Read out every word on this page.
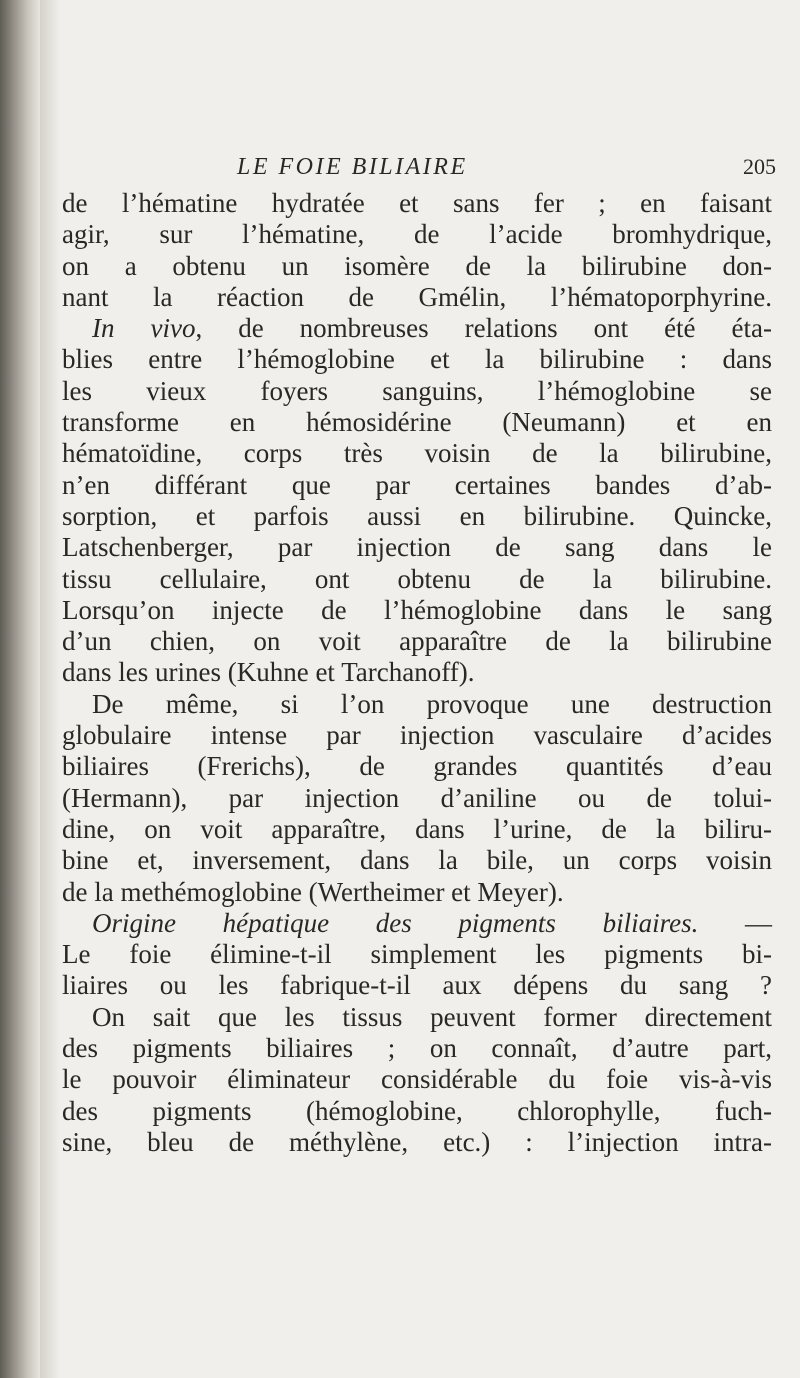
LE FOIE BILIAIRE	205
de l’hématine hydratée et sans fer ; en faisant
agir, sur l’hématine, de l’acide bromhydrique,
on a obtenu un isomère de la bilirubine don-
nant la réaction de Gmélin, l’hématoporphyrine.
In vivo, de nombreuses relations ont été éta-
blies entre l’hémoglobine et la bilirubine : dans
les vieux foyers sanguins, l’hémoglobine se
transforme en hémosidérine (Neumann) et en
hématoïdine, corps très voisin de la bilirubine,
n’en différant que par certaines bandes d’ab-
sorption, et parfois aussi en bilirubine. Quincke,
Latschenberger, par injection de sang dans le
tissu cellulaire, ont obtenu de la bilirubine.
Lorsqu’on injecte de l’hémoglobine dans le sang
d’un chien, on voit apparaître de la bilirubine
dans les urines (Kuhne et Tarchanoff).
De même, si l’on provoque une destruction
globulaire intense par injection vasculaire d’acides
biliaires (Frerichs), de grandes quantités d’eau
(Hermann), par injection d’aniline ou de tolui-
dine, on voit apparaître, dans l’urine, de la biliru-
bine et, inversement, dans la bile, un corps voisin
de la methémoglobine (Wertheimer et Meyer).
Origine hépatique des pigments biliaires. —
Le foie élimine-t-il simplement les pigments bi-
liaires ou les fabrique-t-il aux dépens du sang ?
On sait que les tissus peuvent former directement
des pigments biliaires ; on connaît, d’autre part,
le pouvoir éliminateur considérable du foie vis-à-vis
des pigments (hémoglobine, chlorophylle, fuch-
sine, bleu de méthylène, etc.) : l’injection intra-
